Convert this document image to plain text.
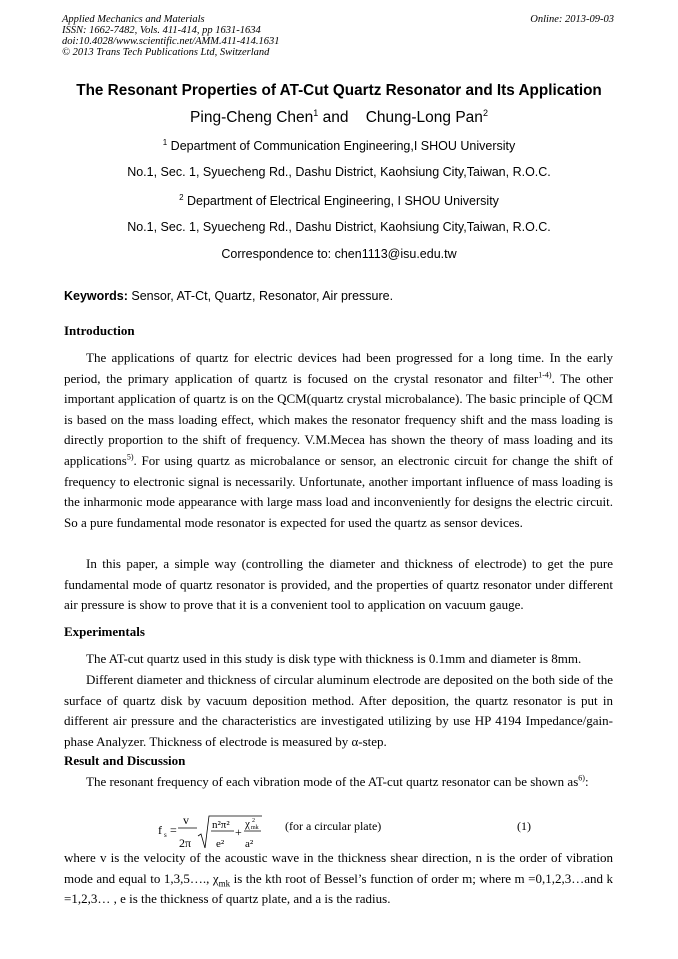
Applied Mechanics and Materials
ISSN: 1662-7482, Vols. 411-414, pp 1631-1634
doi:10.4028/www.scientific.net/AMM.411-414.1631
© 2013 Trans Tech Publications Ltd, Switzerland
Online: 2013-09-03
The Resonant Properties of AT-Cut Quartz Resonator and Its Application
Ping-Cheng Chen$^1$ and Chung-Long Pan$^2$
$^1$ Department of Communication Engineering,I SHOU University
No.1, Sec. 1, Syuecheng Rd., Dashu District, Kaohsiung City,Taiwan, R.O.C.
$^2$ Department of Electrical Engineering, I SHOU University
No.1, Sec. 1, Syuecheng Rd., Dashu District, Kaohsiung City,Taiwan, R.O.C.
Correspondence to: chen1113@isu.edu.tw
Keywords: Sensor, AT-Ct, Quartz, Resonator, Air pressure.
Introduction
The applications of quartz for electric devices had been progressed for a long time. In the early period, the primary application of quartz is focused on the crystal resonator and filter$^{1-4)}$. The other important application of quartz is on the QCM(quartz crystal microbalance). The basic principle of QCM is based on the mass loading effect, which makes the resonator frequency shift and the mass loading is directly proportion to the shift of frequency. V.M.Mecea has shown the theory of mass loading and its applications$^{5)}$. For using quartz as microbalance or sensor, an electronic circuit for change the shift of frequency to electronic signal is necessarily. Unfortunate, another important influence of mass loading is the inharmonic mode appearance with large mass load and inconveniently for designs the electric circuit. So a pure fundamental mode resonator is expected for used the quartz as sensor devices.
In this paper, a simple way (controlling the diameter and thickness of electrode) to get the pure fundamental mode of quartz resonator is provided, and the properties of quartz resonator under different air pressure is show to prove that it is a convenient tool to application on vacuum gauge.
Experimentals
The AT-cut quartz used in this study is disk type with thickness is 0.1mm and diameter is 8mm.
Different diameter and thickness of circular aluminum electrode are deposited on the both side of the surface of quartz disk by vacuum deposition method. After deposition, the quartz resonator is put in different air pressure and the characteristics are investigated utilizing by use HP 4194 Impedance/gain-phase Analyzer. Thickness of electrode is measured by α-step.
Result and Discussion
The resonant frequency of each vibration mode of the AT-cut quartz resonator can be shown $as^{6)}$:
f s =
v
2π
n²π²
e²
+
χ 2
mk
a²
(for a circular plate)	(1)
where v is the velocity of the acoustic wave in the thickness shear direction, n is the order of vibration mode and equal to 1,3,5…., $\chi_{mk}$ is the kth root of Bessel’s function of order m; where m =0,1,2,3…and k =1,2,3… , e is the thickness of quartz plate, and a is the radius.
